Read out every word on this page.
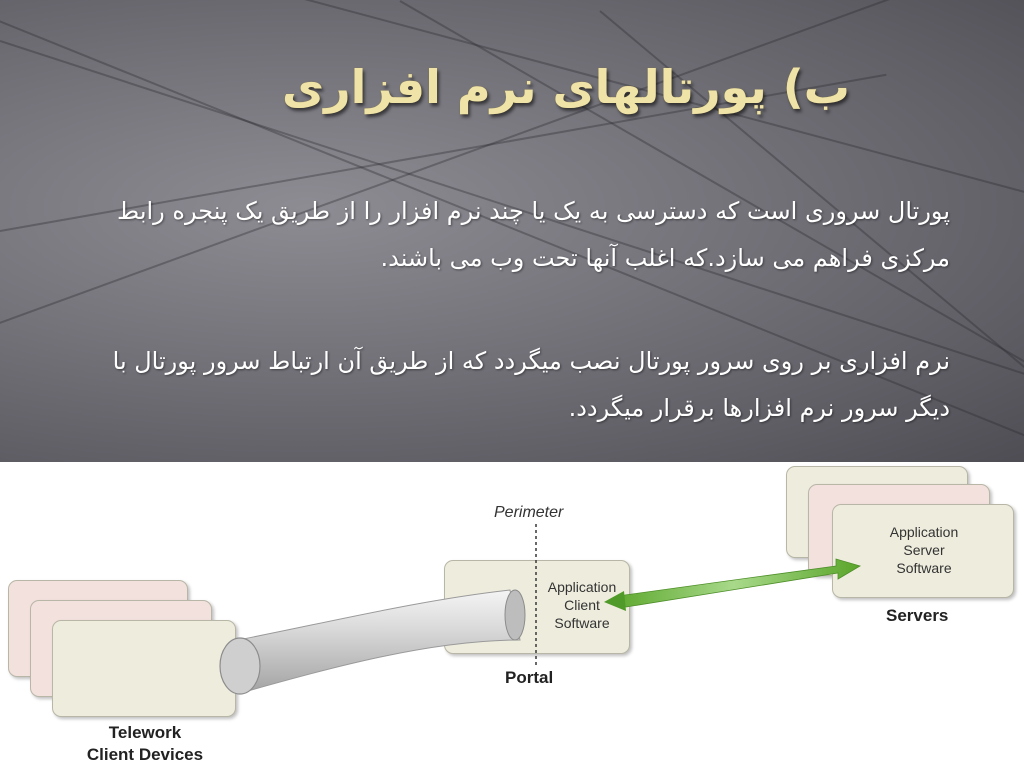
ب) پورتالهای نرم افزاری
پورتال سروری است که دسترسی به یک یا چند نرم افزار را از طریق یک پنجره رابط مرکزی فراهم می سازد.که اغلب آنها تحت وب می باشند.
نرم افزاری بر روی سرور پورتال نصب میگردد که از طریق آن ارتباط سرور پورتال با دیگر سرور نرم افزارها برقرار میگردد.
Perimeter
Application
Client
Software
Portal
Application
Server
Software
Servers
Telework
Client Devices
